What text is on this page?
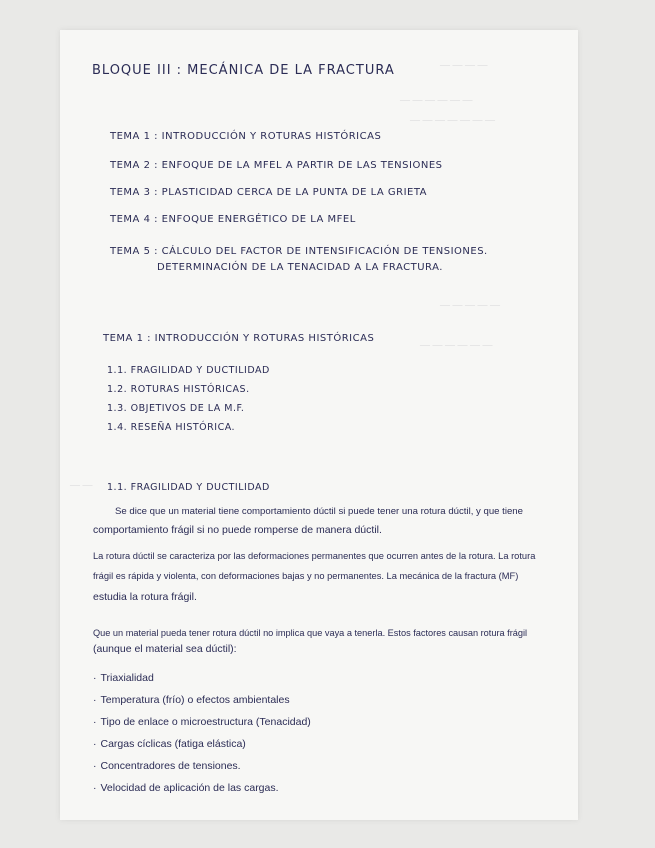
— — — —
— — — — — —
— — — — — — —
— — — — —
— — — — — —
— —
BLOQUE III : MECÁNICA DE LA FRACTURA
TEMA 1 : INTRODUCCIÓN Y ROTURAS HISTÓRICAS
TEMA 2 : ENFOQUE DE LA MFEL A PARTIR DE LAS TENSIONES
TEMA 3 : PLASTICIDAD CERCA DE LA PUNTA DE LA GRIETA
TEMA 4 : ENFOQUE ENERGÉTICO DE LA MFEL
TEMA 5 : CÁLCULO DEL FACTOR DE INTENSIFICACIÓN DE TENSIONES.
DETERMINACIÓN DE LA TENACIDAD A LA FRACTURA.
TEMA 1 : INTRODUCCIÓN Y ROTURAS HISTÓRICAS
1.1. FRAGILIDAD Y DUCTILIDAD
1.2. ROTURAS HISTÓRICAS.
1.3. OBJETIVOS DE LA M.F.
1.4. RESEÑA HISTÓRICA.
1.1. FRAGILIDAD Y DUCTILIDAD
Se dice que un material tiene comportamiento dúctil si puede tener una rotura dúctil, y que tiene
comportamiento frágil si no puede romperse de manera dúctil.
La rotura dúctil se caracteriza por las deformaciones permanentes que ocurren antes de la rotura. La rotura
frágil es rápida y violenta, con deformaciones bajas y no permanentes. La mecánica de la fractura (MF)
estudia la rotura frágil.
Que un material pueda tener rotura dúctil no implica que vaya a tenerla. Estos factores causan rotura frágil
(aunque el material sea dúctil):
· Triaxialidad
· Temperatura (frío) o efectos ambientales
· Tipo de enlace o microestructura (Tenacidad)
· Cargas cíclicas (fatiga elástica)
· Concentradores de tensiones.
· Velocidad de aplicación de las cargas.
